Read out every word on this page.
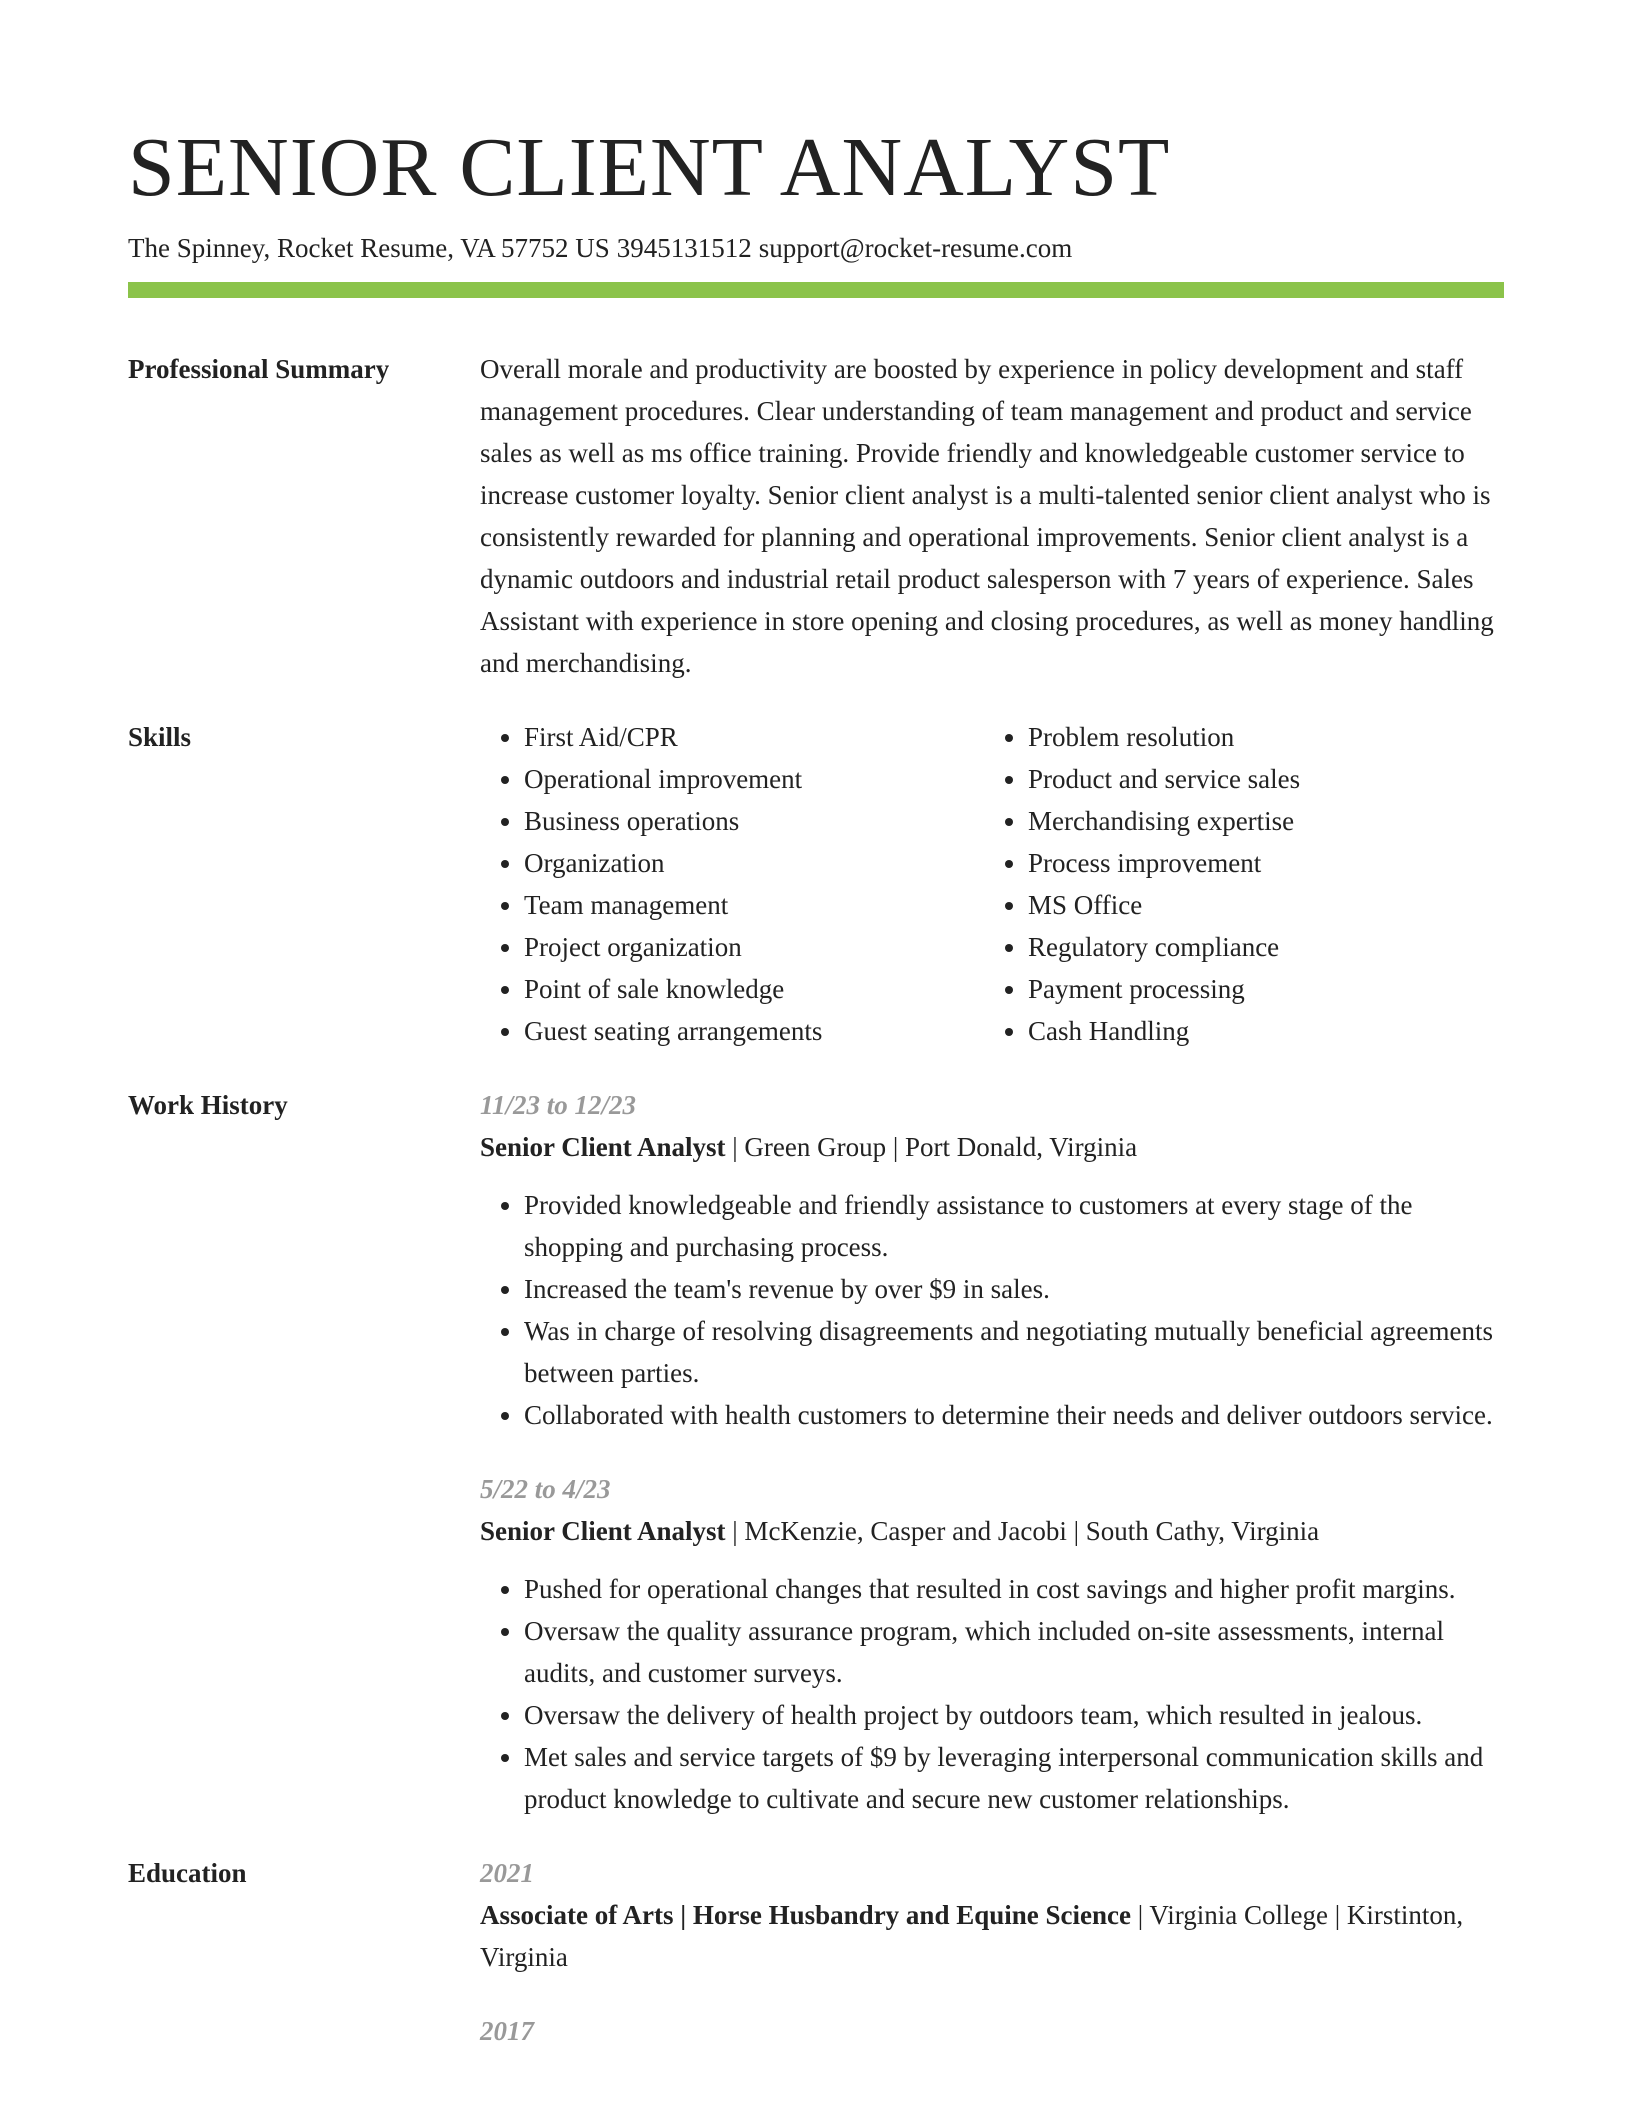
SENIOR CLIENT ANALYST
The Spinney, Rocket Resume, VA 57752 US 3945131512 support@rocket-resume.com
Professional Summary	Overall morale and productivity are boosted by experience in policy development and staff management procedures. Clear understanding of team management and product and service sales as well as ms office training. Provide friendly and knowledgeable customer service to increase customer loyalty. Senior client analyst is a multi-talented senior client analyst who is consistently rewarded for planning and operational improvements. Senior client analyst is a dynamic outdoors and industrial retail product salesperson with 7 years of experience. Sales Assistant with experience in store opening and closing procedures, as well as money handling and merchandising.

Skills
•	First Aid/CPR
• Operational improvement
• Business operations
• Organization
• Team management
• Project organization
• Point of sale knowledge
• Guest seating arrangements
• Problem resolution
• Product and service sales
• Merchandising expertise
• Process improvement
• MS Office
• Regulatory compliance
• Payment processing
• Cash Handling
Work History	11/23 to 12/23
Senior Client Analyst | Green Group | Port Donald, Virginia
• Provided knowledgeable and friendly assistance to customers at every stage of the shopping and purchasing process.
• Increased the team's revenue by over $9 in sales.
• Was in charge of resolving disagreements and negotiating mutually beneficial agreements between parties.
• Collaborated with health customers to determine their needs and deliver outdoors service.
5/22 to 4/23
Senior Client Analyst | McKenzie, Casper and Jacobi | South Cathy, Virginia
• Pushed for operational changes that resulted in cost savings and higher profit margins.
• Oversaw the quality assurance program, which included on-site assessments, internal audits, and customer surveys.
• Oversaw the delivery of health project by outdoors team, which resulted in jealous.
• Met sales and service targets of $9 by leveraging interpersonal communication skills and product knowledge to cultivate and secure new customer relationships.
Education	2021
Associate of Arts | Horse Husbandry and Equine Science | Virginia College | Kirstinton, Virginia
2017
